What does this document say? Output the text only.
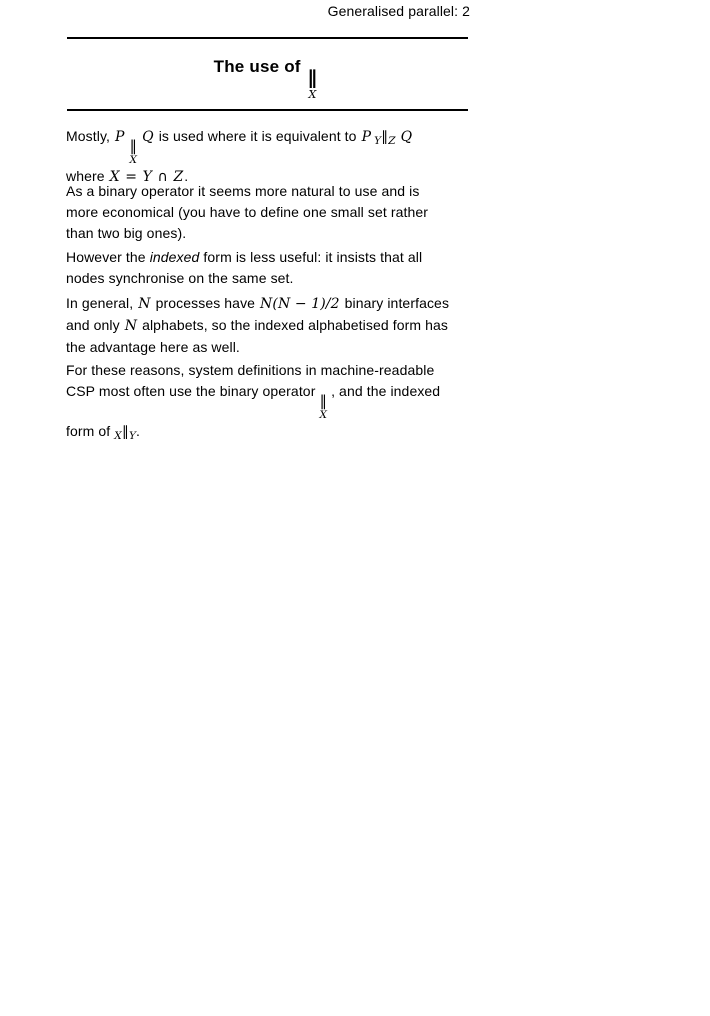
Generalised parallel: 2
The use of
∥
X
Mostly, P ∥
X
Q is used where it is equivalent to P $_Y\parallel_Z$ Q
where X = Y ∩ Z.
As a binary operator it seems more natural to use and is
more economical (you have to define one small set rather
than two big ones).
However the indexed form is less useful: it insists that all
nodes synchronise on the same set.
In general, N processes have N(N − 1)/2 binary interfaces
and only N alphabets, so the indexed alphabetised form has
the advantage here as well.
For these reasons, system definitions in machine-readable
CSP most often use the binary operator
∥
X
, and the indexed
form of $_X\parallel_Y$.
